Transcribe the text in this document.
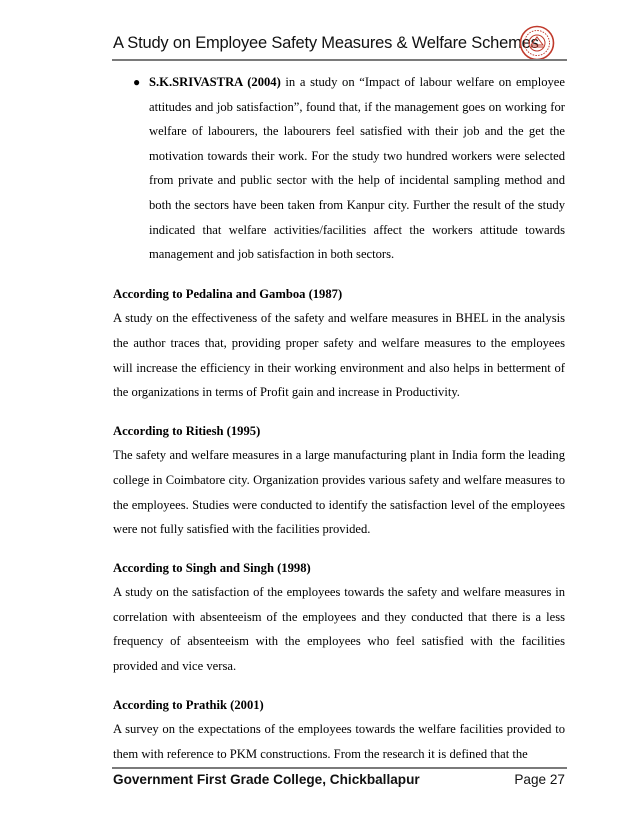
A Study on Employee Safety Measures & Welfare Schemes
● S.K.SRIVASTRA (2004) in a study on “Impact of labour welfare on employee attitudes and job satisfaction”, found that, if the management goes on working for welfare of labourers, the labourers feel satisfied with their job and the get the motivation towards their work. For the study two hundred workers were selected from private and public sector with the help of incidental sampling method and both the sectors have been taken from Kanpur city. Further the result of the study indicated that welfare activities/facilities affect the workers attitude towards management and job satisfaction in both sectors.

According to Pedalina and Gamboa (1987)

A study on the effectiveness of the safety and welfare measures in BHEL in the analysis the author traces that, providing proper safety and welfare measures to the employees will increase the efficiency in their working environment and also helps in betterment of the organizations in terms of Profit gain and increase in Productivity.

According to Ritiesh (1995)

The safety and welfare measures in a large manufacturing plant in India form the leading college in Coimbatore city. Organization provides various safety and welfare measures to the employees. Studies were conducted to identify the satisfaction level of the employees were not fully satisfied with the facilities provided.

According to Singh and Singh (1998)

A study on the satisfaction of the employees towards the safety and welfare measures in correlation with absenteeism of the employees and they conducted that there is a less frequency of absenteeism with the employees who feel satisfied with the facilities provided and vice versa.

According to Prathik (2001)

A survey on the expectations of the employees towards the welfare facilities provided to them with reference to PKM constructions. From the research it is defined that the

Government First Grade College, Chickballapur	Page 27
